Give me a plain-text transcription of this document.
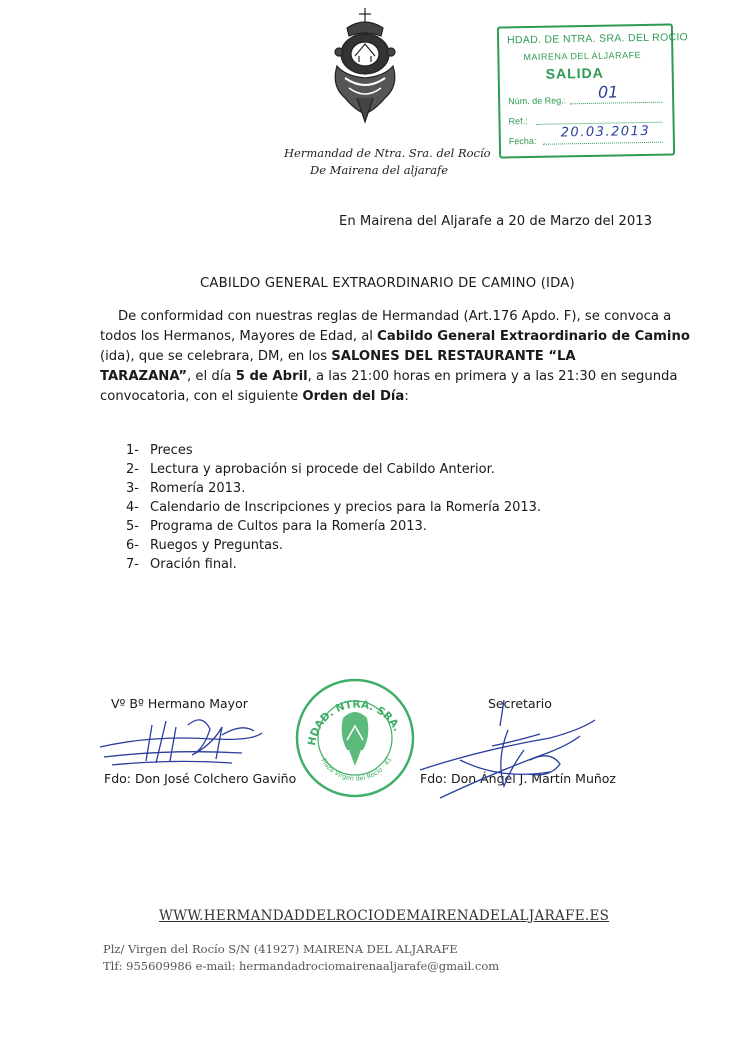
Hermandad de Ntra. Sra. del Rocío
De Mairena del aljarafe
HDAD. DE NTRA. SRA. DEL ROCIO
MAIRENA DEL ALJARAFE
SALIDA
Núm. de Reg.: 01
Ref.:
Fecha:
20.03.2013
En Mairena del Aljarafe a 20 de Marzo del 2013
CABILDO GENERAL EXTRAORDINARIO DE CAMINO (IDA)
De conformidad con nuestras reglas de Hermandad (Art.176 Apdo. F), se convoca a
todos los Hermanos, Mayores de Edad, al Cabildo General Extraordinario de Camino
(ida), que se celebrara, DM, en los SALONES DEL RESTAURANTE “LA
TARAZANA”, el día 5 de Abril, a las 21:00 horas en primera y a las 21:30 en segunda
convocatoria, con el siguiente Orden del Día:
1- Preces
2- Lectura y aprobación si procede del Cabildo Anterior.
3- Romería 2013.
4- Calendario de Inscripciones y precios para la Romería 2013.
5- Programa de Cultos para la Romería 2013.
6- Ruegos y Preguntas.
7- Oración final.
Vº Bº Hermano Mayor
Fdo: Don José Colchero Gaviño
Secretario
Fdo: Don Ángel J. Martín Muñoz
HDAD. NTRA. SRA.
Plaza Virgen del Rocío · 41
WWW.HERMANDADDELROCIODEMAIRENADELALJARAFE.ES
Plz/ Virgen del Rocío S/N (41927) MAIRENA DEL ALJARAFE
Tlf: 955609986 e-mail: hermandadrociomairenaaljarafe@gmail.com
